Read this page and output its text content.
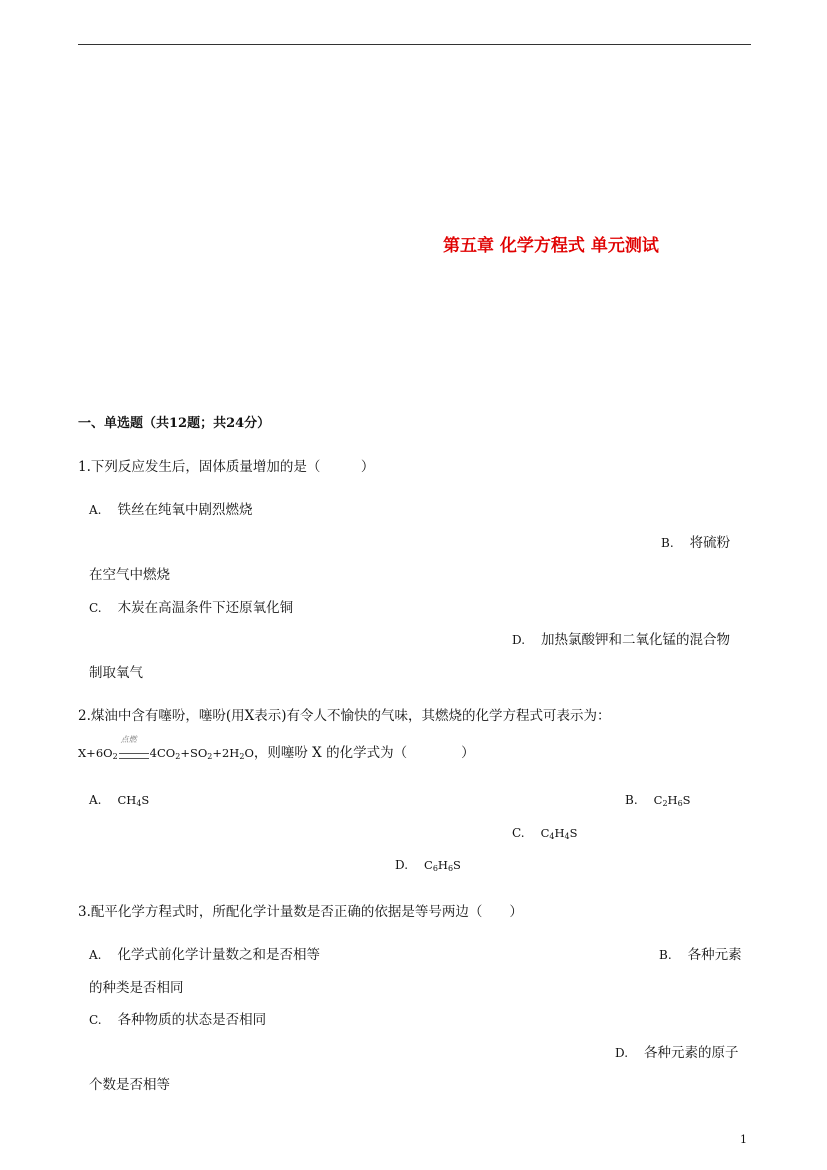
第五章 化学方程式 单元测试
一、单选题（共12题；共24分）
1.下列反应发生后，固体质量增加的是（　　　）
A. 铁丝在纯氧中剧烈燃烧
B. 将硫粉
在空气中燃烧
C. 木炭在高温条件下还原氧化铜
D. 加热氯酸钾和二氧化锰的混合物
制取氧气
2.煤油中含有噻吩，噻吩(用X表示)有令人不愉快的气味，其燃烧的化学方程式可表示为：
$X+6O_2$
点燃
$4CO_2+SO_2+2H_2O$，则噻吩 X 的化学式为（　　　　）
A. $CH_4S$	B. $C_2H_6S$
C. $C_4H_4S$
D. $C_6H_6S$
3.配平化学方程式时，所配化学计量数是否正确的依据是等号两边（　　）
A. 化学式前化学计量数之和是否相等	B. 各种元素
的种类是否相同
C. 各种物质的状态是否相同
D. 各种元素的原子
个数是否相等
1
